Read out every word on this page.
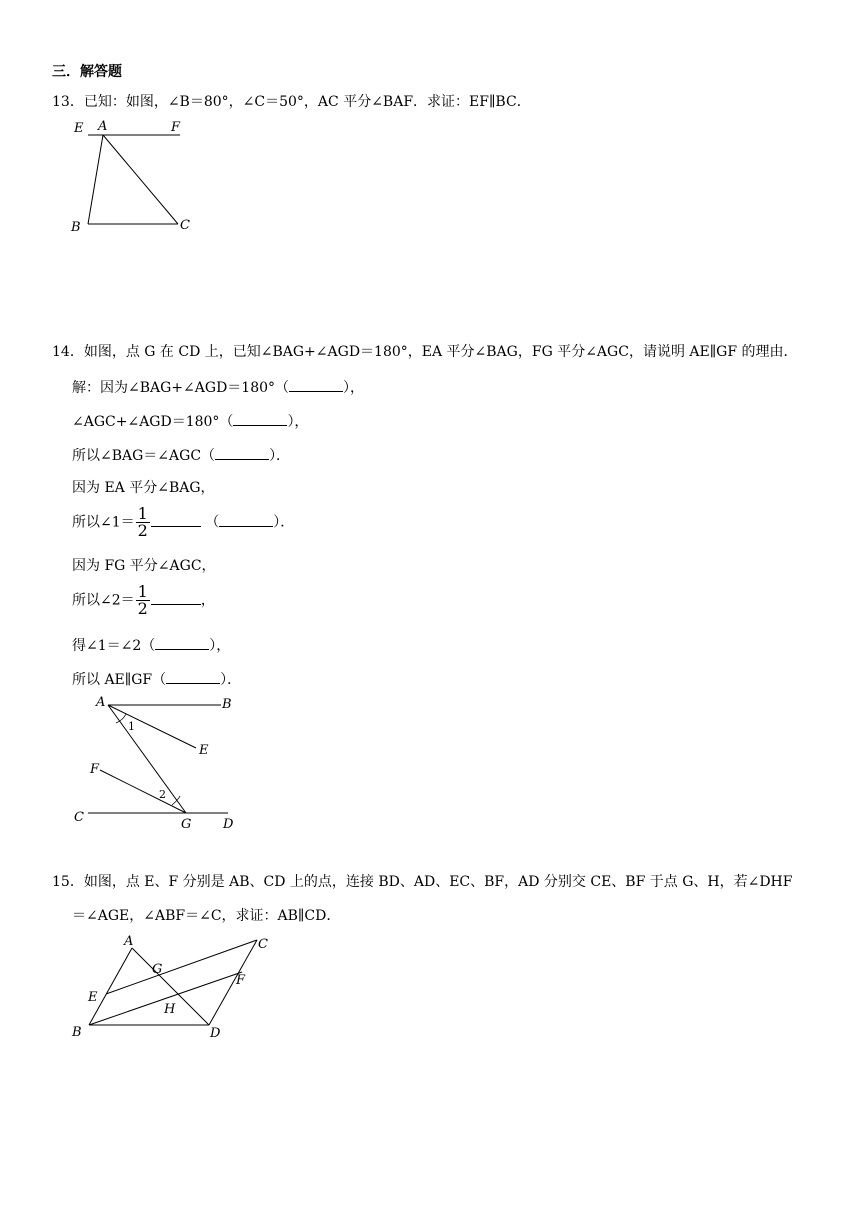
三．解答题
13．已知：如图，∠B＝80°，∠C＝50°，AC 平分∠BAF．求证：EF∥BC．
E A	F
B	C
14．如图，点 G 在 CD 上，已知∠BAG+∠AGD＝180°，EA 平分∠BAG，FG 平分∠AGC，请说明 AE∥GF 的理由．
解：因为∠BAG+∠AGD＝180°（	），
∠AGC+∠AGD＝180°（	），
所以∠BAG＝∠AGC（	）．
因为 EA 平分∠BAG，
所以∠1＝ $\frac{1}{2}$	（	）．
因为 FG 平分∠AGC，
所以∠2＝ $\frac{1}{2}$	，
得∠1＝∠2（	），
所以 AE∥GF（	）．
A	B
E
F
C	G D
1
2
15．如图，点 E、F 分别是 AB、CD 上的点，连接 BD、AD、EC、BF，AD 分别交 CE、BF 于点 G、H，若∠DHF
＝∠AGE，∠ABF＝∠C，求证：AB∥CD．
A	C
G
F
E
H
B	D
